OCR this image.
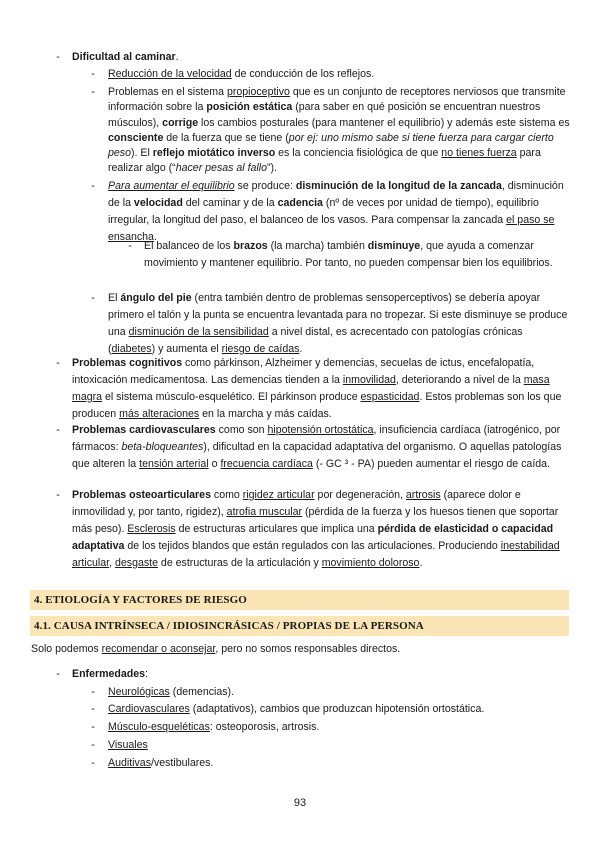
-	Dificultad al caminar.
-	Reducción de la velocidad de conducción de los reflejos.
-	Problemas en el sistema propioceptivo que es un conjunto de receptores nerviosos que transmite información sobre la posición estática (para saber en qué posición se encuentran nuestros músculos), corrige los cambios posturales (para mantener el equilibrio) y además este sistema es consciente de la fuerza que se tiene (por ej: uno mismo sabe si tiene fuerza para cargar cierto peso). El reflejo miotático inverso es la conciencia fisiológica de que no tienes fuerza para realizar algo (“hacer pesas al fallo”).
-	Para aumentar el equilibrio se produce: disminución de la longitud de la zancada, disminución de la velocidad del caminar y de la cadencia (nº de veces por unidad de tiempo), equilibrio irregular, la longitud del paso, el balanceo de los vasos. Para compensar la zancada el paso se ensancha.
-	El balanceo de los brazos (la marcha) también disminuye, que ayuda a comenzar movimiento y mantener equilibrio. Por tanto, no pueden compensar bien los equilibrios.
-	El ángulo del pie (entra también dentro de problemas sensoperceptivos) se debería apoyar primero el talón y la punta se encuentra levantada para no tropezar. Si este disminuye se produce una disminución de la sensibilidad a nivel distal, es acrecentado con patologías crónicas (diabetes) y aumenta el riesgo de caídas.
-	Problemas cognitivos como párkinson, Alzheimer y demencias, secuelas de ictus, encefalopatía, intoxicación medicamentosa. Las demencias tienden a la inmovilidad, deteriorando a nivel de la masa magra el sistema músculo-esquelético. El párkinson produce espasticidad. Estos problemas son los que producen más alteraciones en la marcha y más caídas.
-	Problemas cardiovasculares como son hipotensión ortostática, insuficiencia cardíaca (iatrogénico, por fármacos: beta-bloqueantes), dificultad en la capacidad adaptativa del organismo. O aquellas patologías que alteren la tensión arterial o frecuencia cardíaca (- GC ³ - PA) pueden aumentar el riesgo de caída.
-	Problemas osteoarticulares como rigidez articular por degeneración, artrosis (aparece dolor e inmovilidad y, por tanto, rigidez), atrofia muscular (pérdida de la fuerza y los huesos tienen que soportar más peso). Esclerosis de estructuras articulares que implica una pérdida de elasticidad o capacidad adaptativa de los tejidos blandos que están regulados con las articulaciones. Produciendo inestabilidad articular, desgaste de estructuras de la articulación y movimiento doloroso.
4. ETIOLOGÍA Y FACTORES DE RIESGO
4.1. CAUSA INTRÍNSECA / IDIOSINCRÁSICAS / PROPIAS DE LA PERSONA
Solo podemos recomendar o aconsejar, pero no somos responsables directos.
-	Enfermedades:
-	Neurológicas (demencias).
-	Cardiovasculares (adaptativos), cambios que produzcan hipotensión ortostática.
-	Músculo-esqueléticas: osteoporosis, artrosis.
-	Visuales
-	Auditivas/vestibulares.
93
